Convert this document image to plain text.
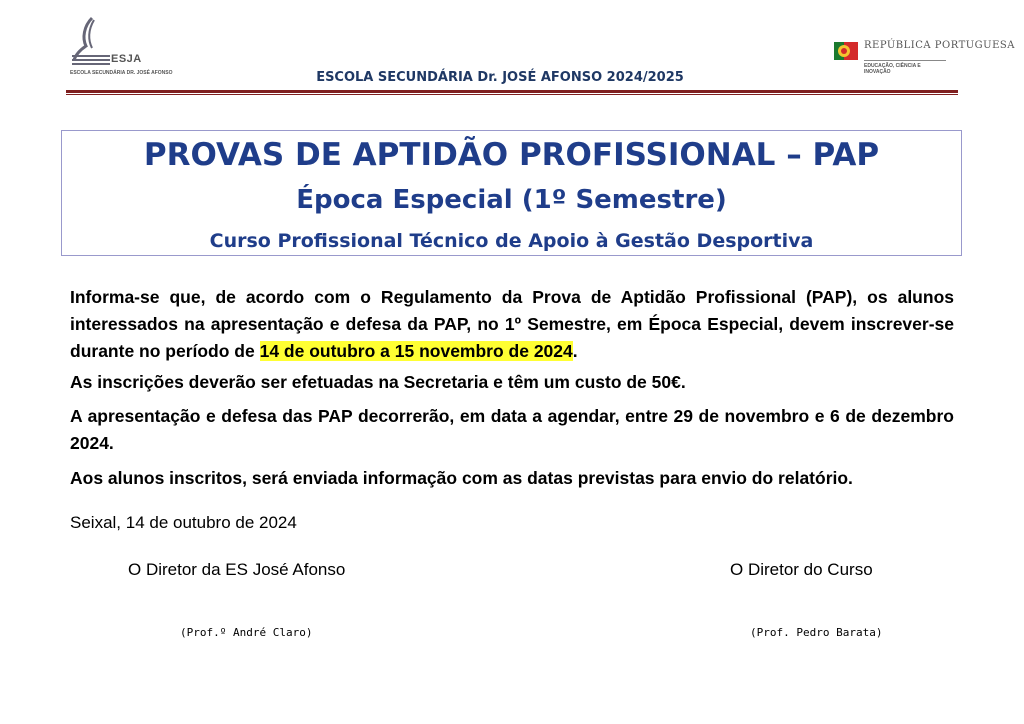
ESJA
ESCOLA SECUNDÁRIA DR. JOSÉ AFONSO	ESCOLA SECUNDÁRIA Dr. JOSÉ AFONSO 2024/2025
REPÚBLICA PORTUGUESA
EDUCAÇÃO, CIÊNCIA E INOVAÇÃO
PROVAS DE APTIDÃO PROFISSIONAL – PAP
Época Especial (1º Semestre)
Curso Profissional Técnico de Apoio à Gestão Desportiva
Informa-se que, de acordo com o Regulamento da Prova de Aptidão Profissional (PAP), os alunos interessados na apresentação e defesa da PAP, no 1º Semestre, em Época Especial, devem inscrever-se durante no período de 14 de outubro a 15 novembro de 2024.
As inscrições deverão ser efetuadas na Secretaria e têm um custo de 50€.
A apresentação e defesa das PAP decorrerão, em data a agendar, entre 29 de novembro e 6 de dezembro 2024.
Aos alunos inscritos, será enviada informação com as datas previstas para envio do relatório.
Seixal, 14 de outubro de 2024
O Diretor da ES José Afonso	O Diretor do Curso
(Prof.º André Claro)	(Prof. Pedro Barata)
